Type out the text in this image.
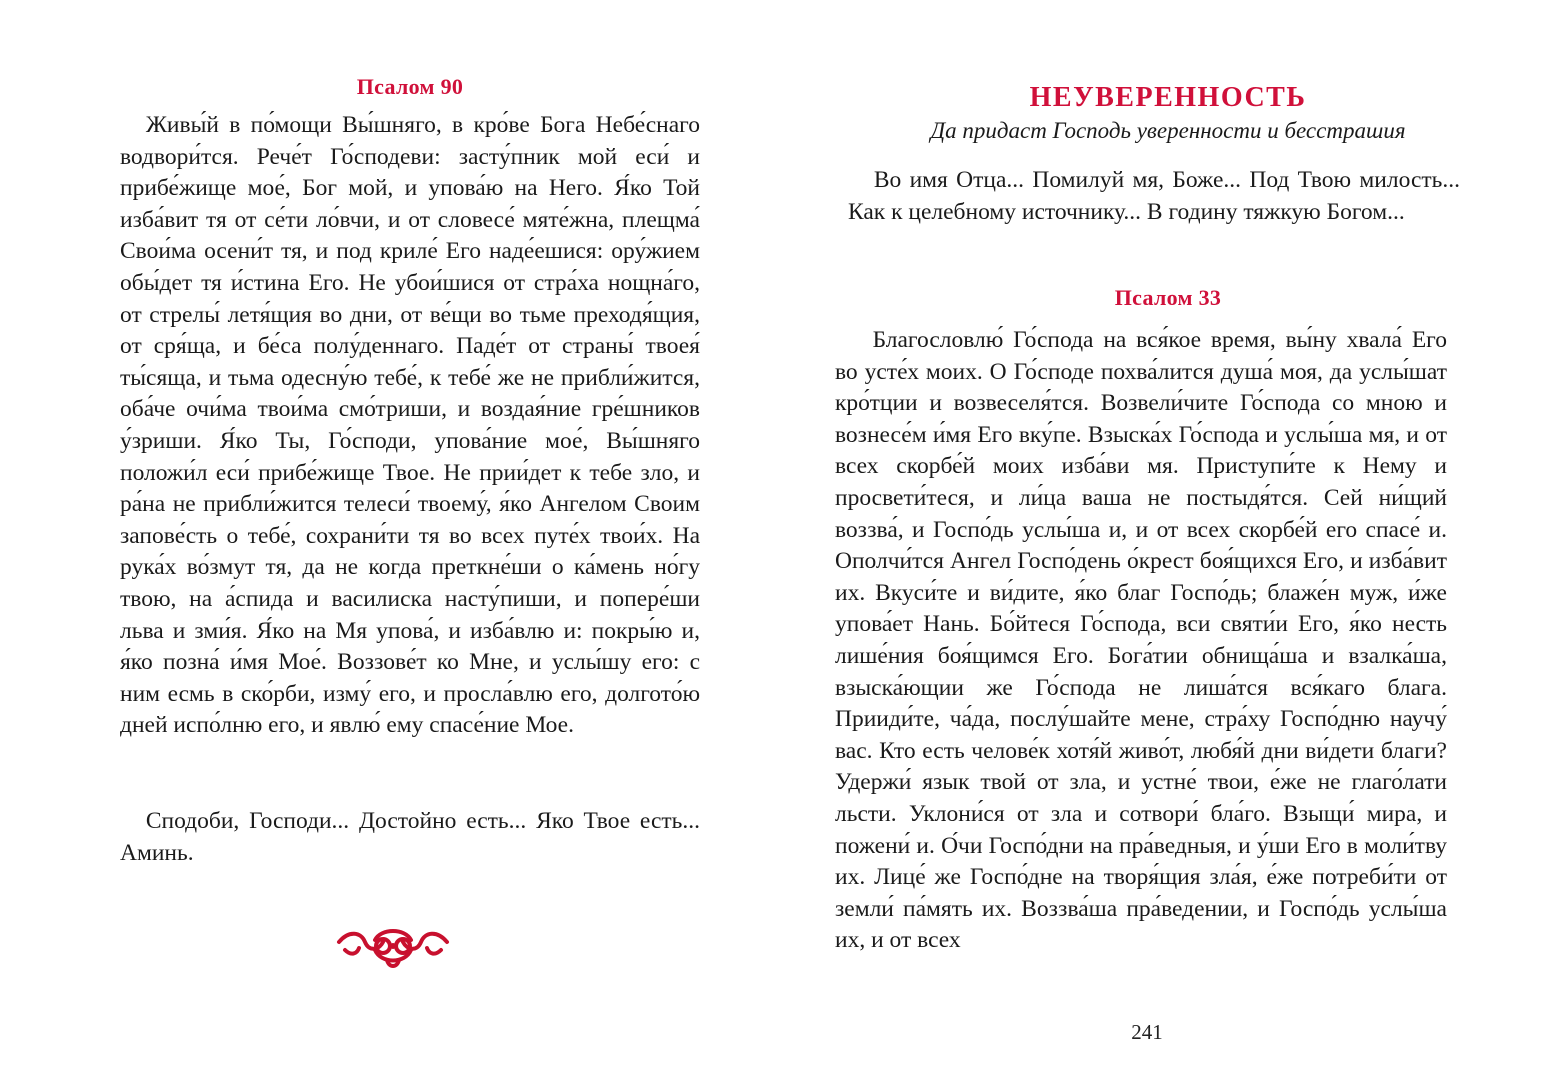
Псалом 90

Живы́й в по́мощи Вы́шняго, в кро́ве Бога Небе́снаго водвори́тся. Рече́т Го́сподеви: засту́пник мой еси́ и прибе́жище мое́, Бог мой, и упова́ю на Него. Я́ко Той изба́вит тя от се́ти ло́вчи, и от словесе́ мяте́жна, плещма́ Свои́ма осени́т тя, и под криле́ Его наде́ешися: ору́жием обы́дет тя и́стина Его. Не убои́шися от стра́ха нощна́го, от стрелы́ летя́щия во дни, от ве́щи во тьме преходя́щия, от сря́ща, и бе́са полу́деннаго. Паде́т от страны́ твоея́ ты́сяща, и тьма одесну́ю тебе́, к тебе́ же не прибли́жится, оба́че очи́ма твои́ма смо́триши, и воздая́ние гре́шников у́зриши. Я́ко Ты, Го́споди, упова́ние мое́, Вы́шняго положи́л еси́ прибе́жище Твое. Не прии́дет к тебе зло, и ра́на не прибли́жится телеси́ твоему́, я́ко Ангелом Своим запове́сть о тебе́, сохрани́ти тя во всех путе́х твои́х. На рука́х во́змут тя, да не когда преткне́ши о ка́мень но́гу твою, на а́спида и василиска насту́пиши, и попере́ши льва и зми́я. Я́ко на Мя упова́, и изба́влю и: покры́ю и, я́ко позна́ и́мя Мое́. Воззове́т ко Мне, и услы́шу его: с ним есмь в ско́рби, изму́ его, и просла́влю его, долгото́ю дней испо́лню его, и явлю́ ему спасе́ние Мое.

Сподоби, Господи... Достойно есть... Яко Твое есть... Аминь.

НЕУВЕРЕННОСТЬ
Да придаст Господь уверенности и бесстрашия

Во имя Отца... Помилуй мя, Боже... Под Твою милость... Как к целебному источнику... В годину тяжкую Богом...

Псалом 33

Благословлю́ Го́спода на вся́кое время, вы́ну хвала́ Его во усте́х моих. О Го́споде похва́лится душа́ моя, да услы́шат кро́тции и возвеселя́тся. Возвели́чите Го́спода со мною и вознесе́м и́мя Его вку́пе. Взыска́х Го́спода и услы́ша мя, и от всех скорбе́й моих изба́ви мя. Приступи́те к Нему и просвети́теся, и ли́ца ваша не постыдя́тся. Сей ни́щий воззва́, и Госпо́дь услы́ша и, и от всех скорбе́й его спасе́ и. Ополчи́тся Ангел Госпо́день о́крест боя́щихся Его, и изба́вит их. Вкуси́те и ви́дите, я́ко благ Госпо́дь; блаже́н муж, и́же упова́ет Нань. Бо́йтеся Го́спода, вси святи́и Его, я́ко несть лише́ния боя́щимся Его. Бога́тии обнища́ша и взалка́ша, взыска́ющии же Го́спода не лиша́тся вся́каго блага. Прииди́те, ча́да, послу́шайте мене, стра́ху Госпо́дню научу́ вас. Кто есть челове́к хотя́й живо́т, любя́й дни ви́дети благи? Удержи́ язык твой от зла, и устне́ твои, е́же не глаго́лати льсти. Уклони́ся от зла и сотвори́ бла́го. Взыщи́ мира, и пожени́ и. О́чи Госпо́дни на пра́ведныя, и у́ши Его в моли́тву их. Лице́ же Госпо́дне на творя́щия зла́я, е́же потреби́ти от земли́ па́мять их. Воззва́ша пра́ведении, и Госпо́дь услы́ша их, и от всех

241
